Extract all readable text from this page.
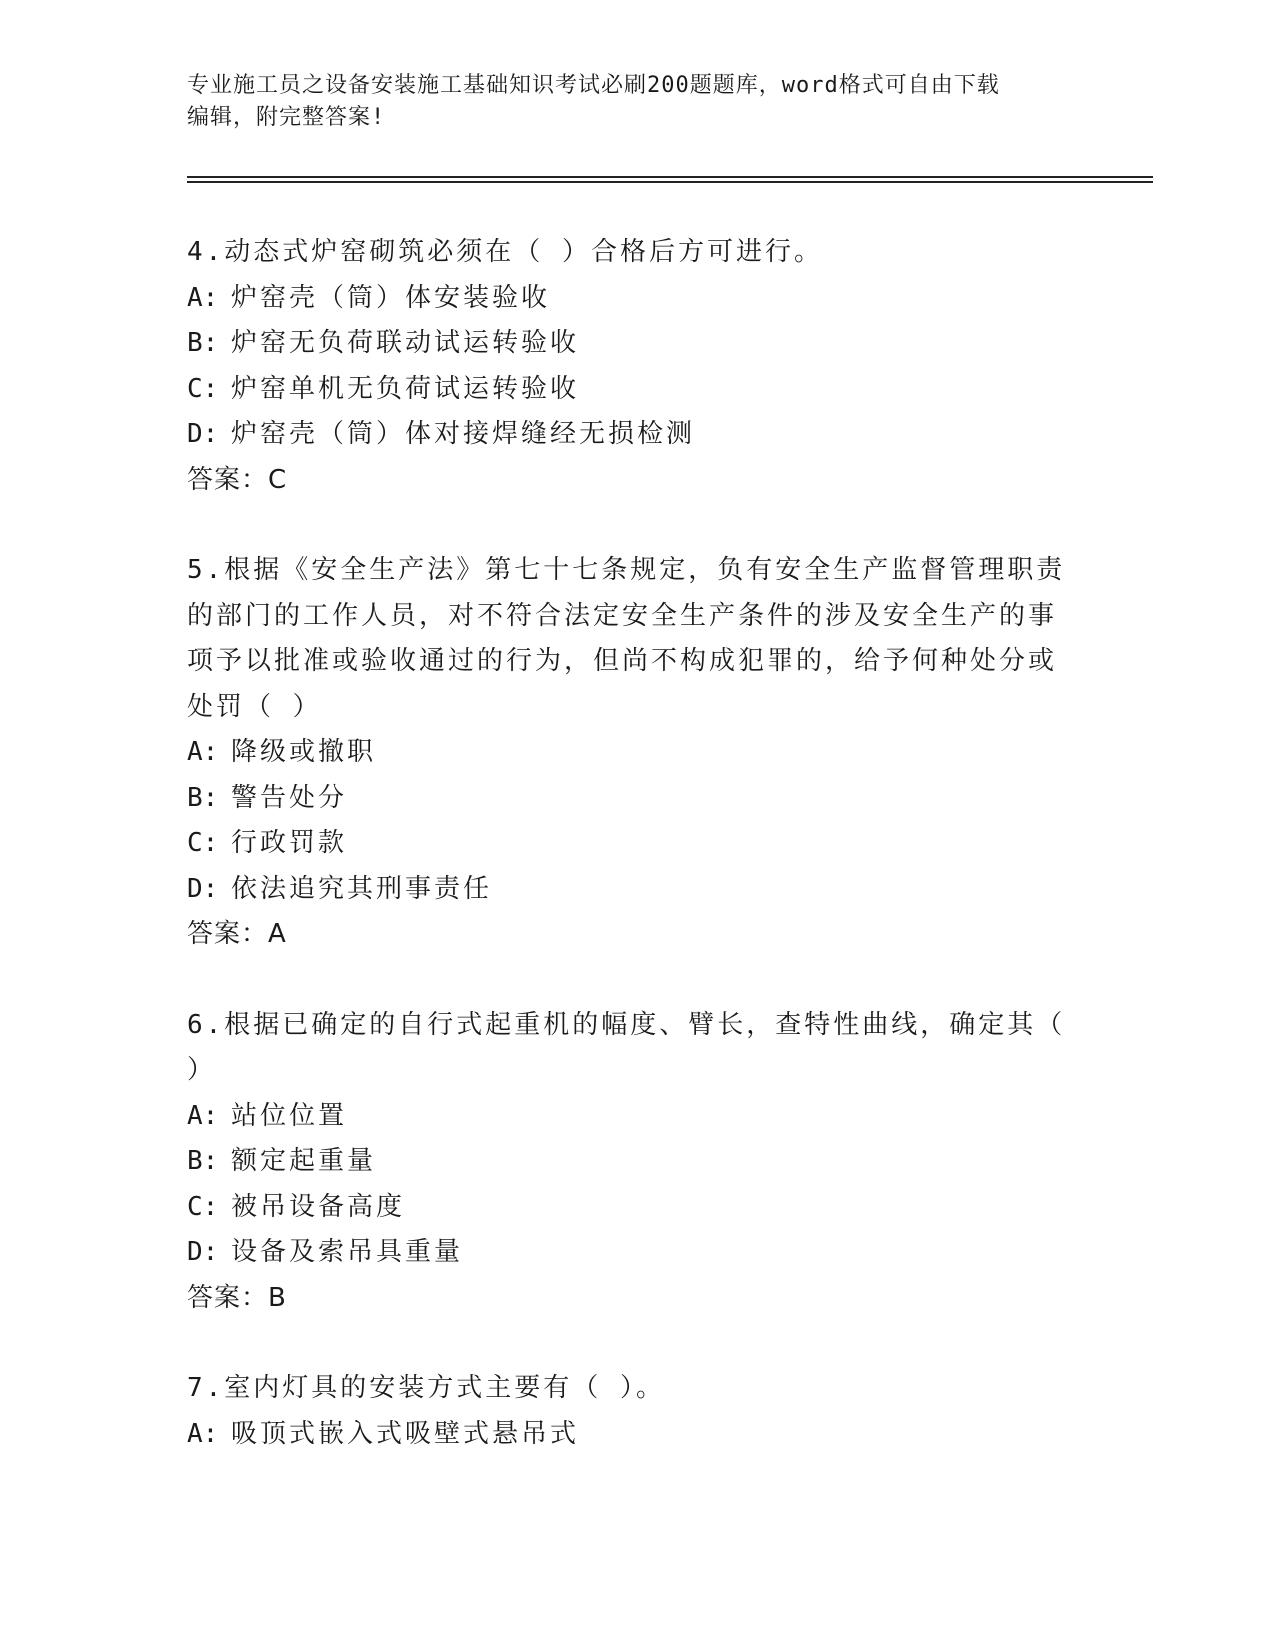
专业施工员之设备安装施工基础知识考试必刷200题题库，word格式可自由下载
编辑，附完整答案!
4.动态式炉窑砌筑必须在（ ）合格后方可进行。
A: 炉窑壳（筒）体安装验收
B: 炉窑无负荷联动试运转验收
C: 炉窑单机无负荷试运转验收
D: 炉窑壳（筒）体对接焊缝经无损检测
答案：C
5.根据《安全生产法》第七十七条规定，负有安全生产监督管理职责
的部门的工作人员，对不符合法定安全生产条件的涉及安全生产的事
项予以批准或验收通过的行为，但尚不构成犯罪的，给予何种处分或
处罚（ ）
A: 降级或撤职
B: 警告处分
C: 行政罚款
D: 依法追究其刑事责任
答案：A
6.根据已确定的自行式起重机的幅度、臂长，查特性曲线，确定其（
）
A: 站位位置
B: 额定起重量
C: 被吊设备高度
D: 设备及索吊具重量
答案：B
7.室内灯具的安装方式主要有（ ）。
A: 吸顶式嵌入式吸壁式悬吊式
